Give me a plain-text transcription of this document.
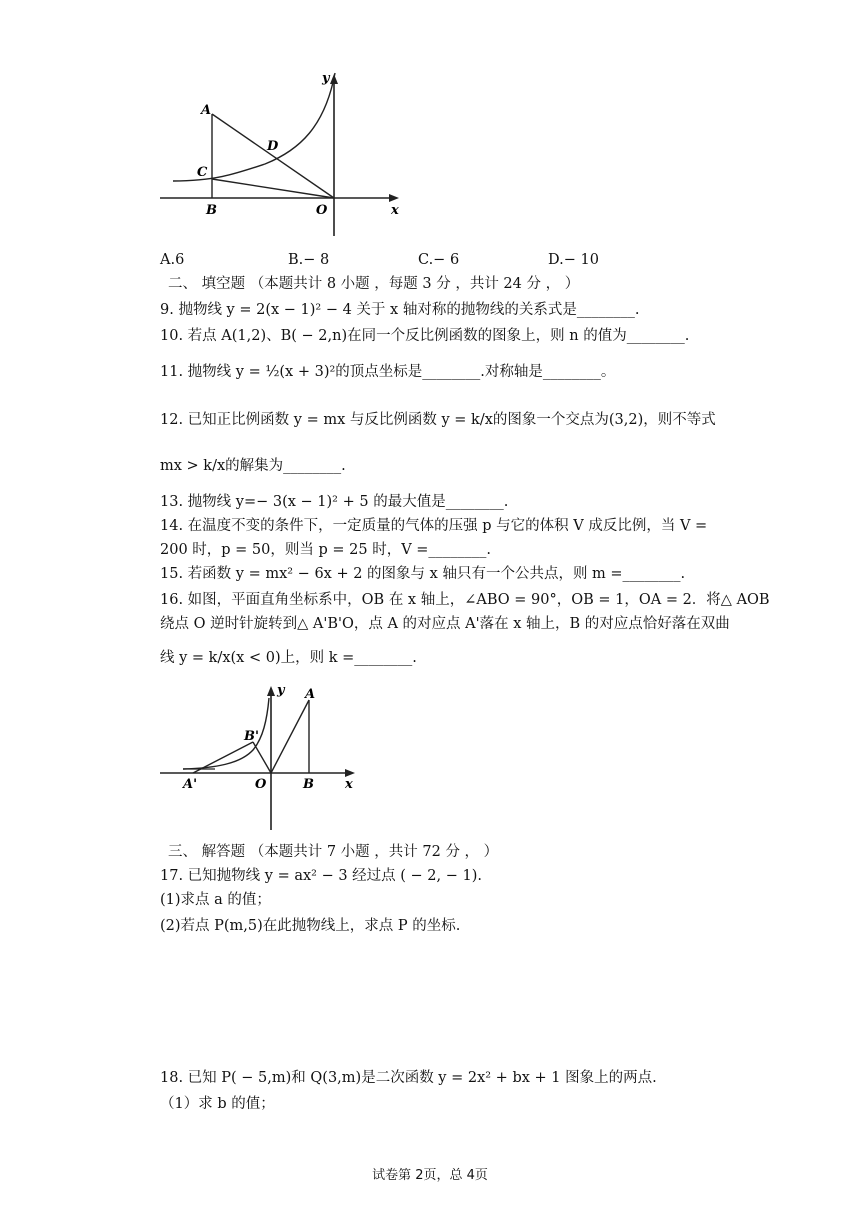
y
A
D
C
B	O	x
A.6	B.− 8	C.− 6	D.− 10
二、 填空题 （本题共计 8 小题 ，每题 3 分 ，共计 24 分 ， ）
9. 抛物线 y = 2(x − 1)² − 4 关于 x 轴对称的抛物线的关系式是________.
10. 若点 A(1,2)、B( − 2,n)在同一个反比例函数的图象上，则 n 的值为________.
11. 抛物线 y = ½(x + 3)²的顶点坐标是________.对称轴是________。
12. 已知正比例函数 y = mx 与反比例函数 y = k/x的图象一个交点为(3,2)，则不等式
mx > k/x的解集为________.
13. 抛物线 y=− 3(x − 1)² + 5 的最大值是________.
14. 在温度不变的条件下，一定质量的气体的压强 p 与它的体积 V 成反比例，当 V =
200 时，p = 50，则当 p = 25 时，V =________.
15. 若函数 y = mx² − 6x + 2 的图象与 x 轴只有一个公共点，则 m =________.
16. 如图，平面直角坐标系中，OB 在 x 轴上，∠ABO = 90°，OB = 1，OA = 2．将△ AOB
绕点 O 逆时针旋转到△ A'B'O，点 A 的对应点 A'落在 x 轴上，B 的对应点恰好落在双曲
线 y = k/x(x < 0)上，则 k =________.
y A
B'
A'	O	B x
三、 解答题 （本题共计 7 小题 ，共计 72 分 ， ）
17. 已知抛物线 y = ax² − 3 经过点 ( − 2, − 1).
(1)求点 a 的值；
(2)若点 P(m,5)在此抛物线上，求点 P 的坐标.
18. 已知 P( − 5,m)和 Q(3,m)是二次函数 y = 2x² + bx + 1 图象上的两点.
（1）求 b 的值；
试卷第 2页，总 4页
